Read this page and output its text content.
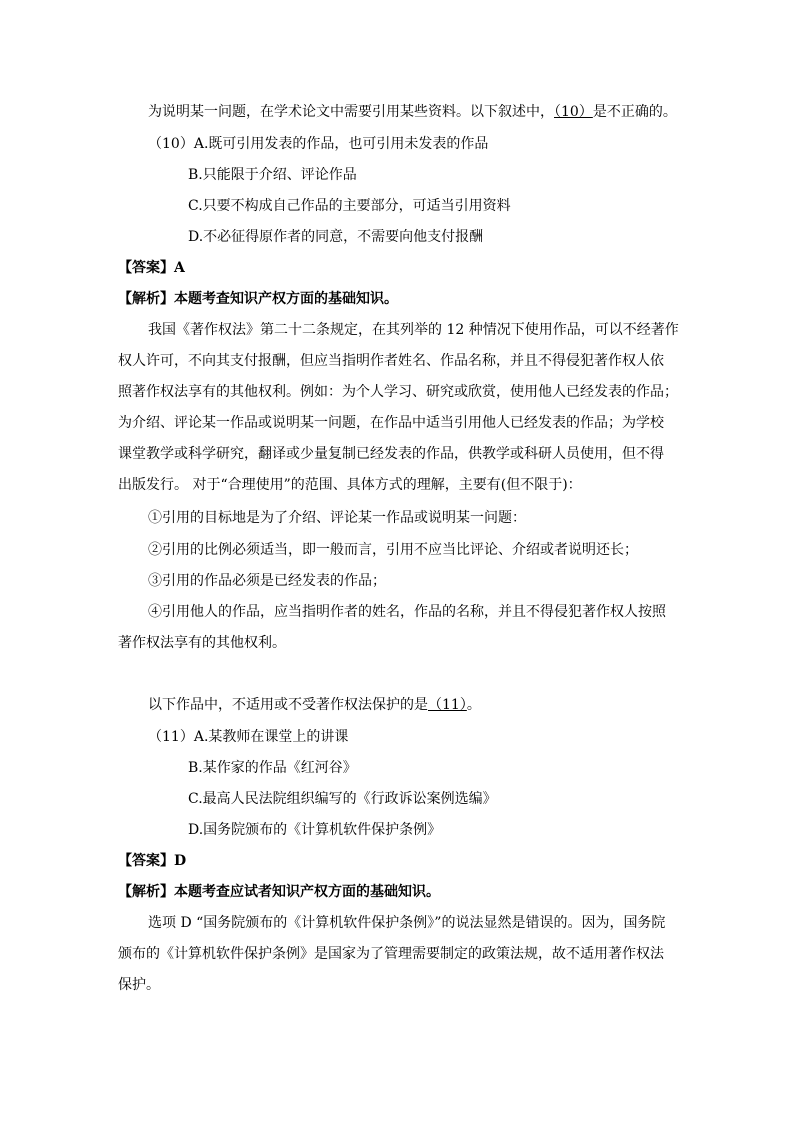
为说明某一问题，在学术论文中需要引用某些资料。以下叙述中，（10）是不正确的。
（10）A.既可引用发表的作品，也可引用未发表的作品
B.只能限于介绍、评论作品
C.只要不构成自己作品的主要部分，可适当引用资料
D.不必征得原作者的同意，不需要向他支付报酬
【答案】A
【解析】本题考查知识产权方面的基础知识。
我国《著作权法》第二十二条规定，在其列举的 12 种情况下使用作品，可以不经著作
权人许可，不向其支付报酬，但应当指明作者姓名、作品名称，并且不得侵犯著作权人依
照著作权法享有的其他权利。例如：为个人学习、研究或欣赏，使用他人已经发表的作品；
为介绍、评论某一作品或说明某一问题，在作品中适当引用他人已经发表的作品；为学校
课堂教学或科学研究，翻译或少量复制已经发表的作品，供教学或科研人员使用，但不得
出版发行。 对于“合理使用”的范围、具体方式的理解，主要有(但不限于)：
①引用的目标地是为了介绍、评论某一作品或说明某一问题：
②引用的比例必须适当，即一般而言，引用不应当比评论、介绍或者说明还长；
③引用的作品必须是已经发表的作品；
④引用他人的作品，应当指明作者的姓名，作品的名称，并且不得侵犯著作权人按照
著作权法享有的其他权利。
以下作品中，不适用或不受著作权法保护的是（11）。
（11）A.某教师在课堂上的讲课
B.某作家的作品《红河谷》
C.最高人民法院组织编写的《行政诉讼案例选编》
D.国务院颁布的《计算机软件保护条例》
【答案】D
【解析】本题考查应试者知识产权方面的基础知识。
选项 D “国务院颁布的《计算机软件保护条例》”的说法显然是错误的。因为，国务院
颁布的《计算机软件保护条例》是国家为了管理需要制定的政策法规，故不适用著作权法
保护。
